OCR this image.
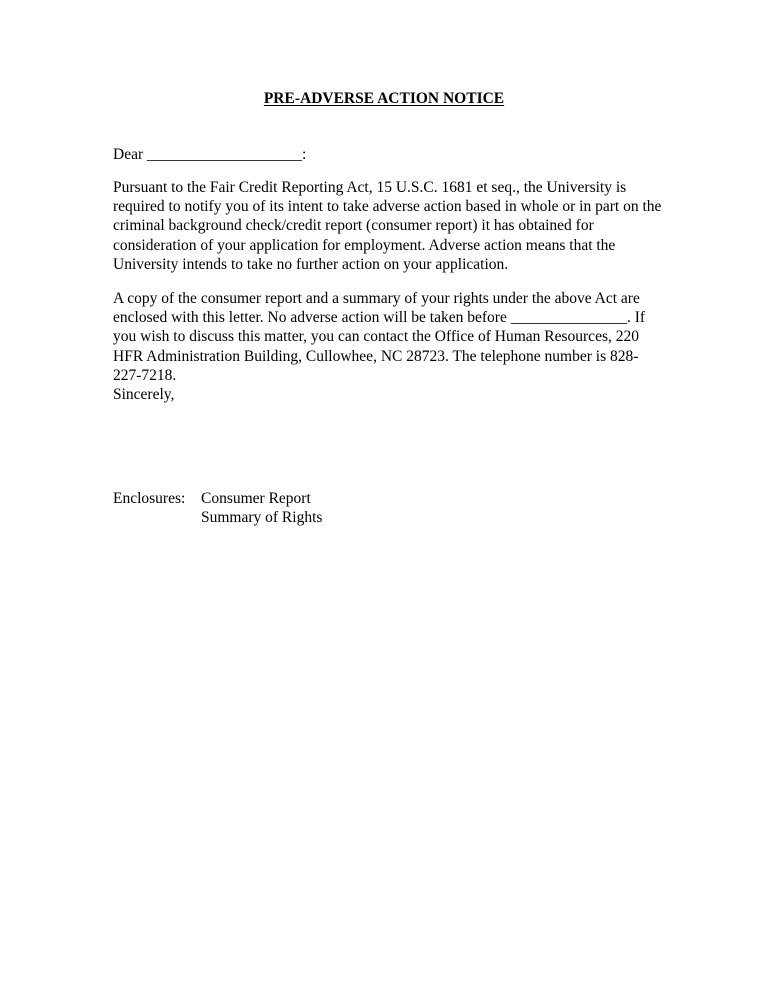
PRE-ADVERSE ACTION NOTICE

Dear ____________________:

Pursuant to the Fair Credit Reporting Act, 15 U.S.C. 1681 et seq., the University is required to notify you of its intent to take adverse action based in whole or in part on the criminal background check/credit report (consumer report) it has obtained for consideration of your application for employment. Adverse action means that the University intends to take no further action on your application.

A copy of the consumer report and a summary of your rights under the above Act are enclosed with this letter. No adverse action will be taken before _______________. If you wish to discuss this matter, you can contact the Office of Human Resources, 220 HFR Administration Building, Cullowhee, NC 28723. The telephone number is 828-227-7218.

Sincerely,

Enclosures:	Consumer Report
Summary of Rights
